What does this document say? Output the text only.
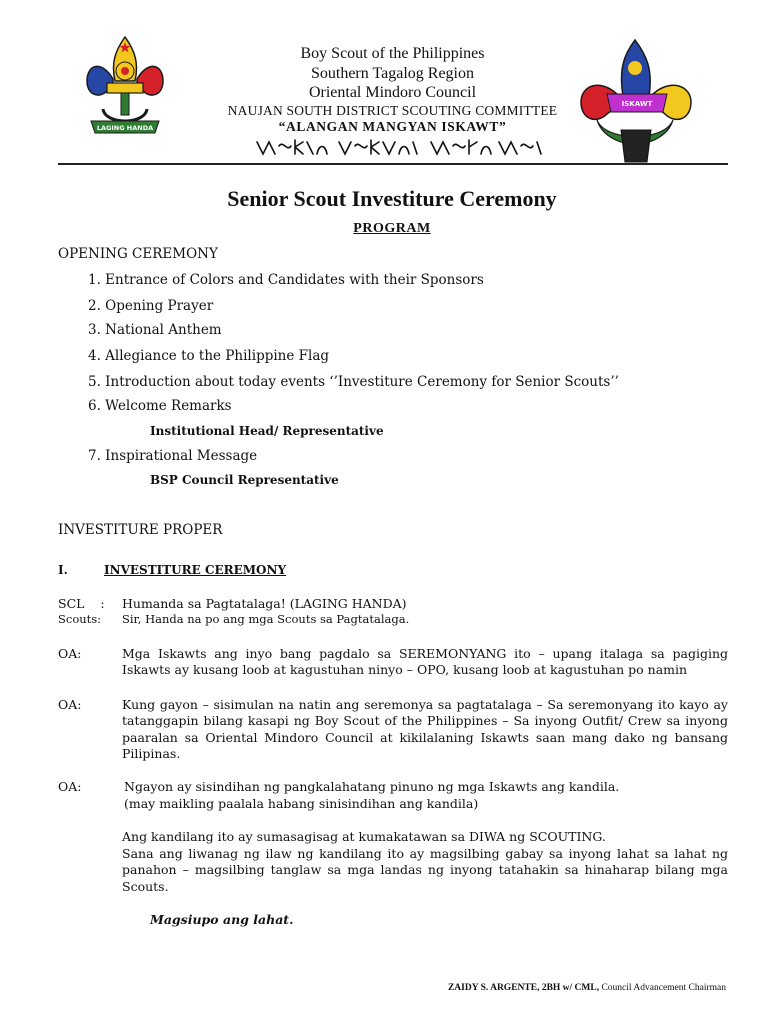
LAGING HANDA
Boy Scout of the Philippines
Southern Tagalog Region
Oriental Mindoro Council
NAUJAN SOUTH DISTRICT SCOUTING COMMITTEE
“ALANGAN MANGYAN ISKAWT”
ISKAWT
Senior Scout Investiture Ceremony
PROGRAM
OPENING CEREMONY
1. Entrance of Colors and Candidates with their Sponsors
2. Opening Prayer
3. National Anthem
4. Allegiance to the Philippine Flag
5. Introduction about today events ‘’Investiture Ceremony for Senior Scouts’’
6. Welcome Remarks
Institutional Head/ Representative
7. Inspirational Message
BSP Council Representative
INVESTITURE PROPER
I.	INVESTITURE CEREMONY
SCL    : Humanda sa Pagtatalaga! (LAGING HANDA)
Scouts: Sir, Handa na po ang mga Scouts sa Pagtatalaga.
OA:	Mga Iskawts ang inyo bang pagdalo sa SEREMONYANG ito – upang italaga sa pagiging Iskawts ay kusang loob at kagustuhan ninyo – OPO, kusang loob at kagustuhan po namin
OA:	Kung gayon – sisimulan na natin ang seremonya sa pagtatalaga – Sa seremonyang ito kayo ay tatanggapin bilang kasapi ng Boy Scout of the Philippines – Sa inyong Outfit/ Crew sa inyong paaralan sa Oriental Mindoro Council at kikilalaning Iskawts saan mang dako ng bansang Pilipinas.
OA:	Ngayon ay sisindihan ng pangkalahatang pinuno ng mga Iskawts ang kandila.
(may maikling paalala habang sinisindihan ang kandila)
Ang kandilang ito ay sumasagisag at kumakatawan sa DIWA ng SCOUTING.
Sana ang liwanag ng ilaw ng kandilang ito ay magsilbing gabay sa inyong lahat sa lahat ng panahon – magsilbing tanglaw sa mga landas ng inyong tatahakin sa hinaharap bilang mga Scouts.
Magsiupo ang lahat.
ZAIDY S. ARGENTE, 2BH w/ CML, Council Advancement Chairman
